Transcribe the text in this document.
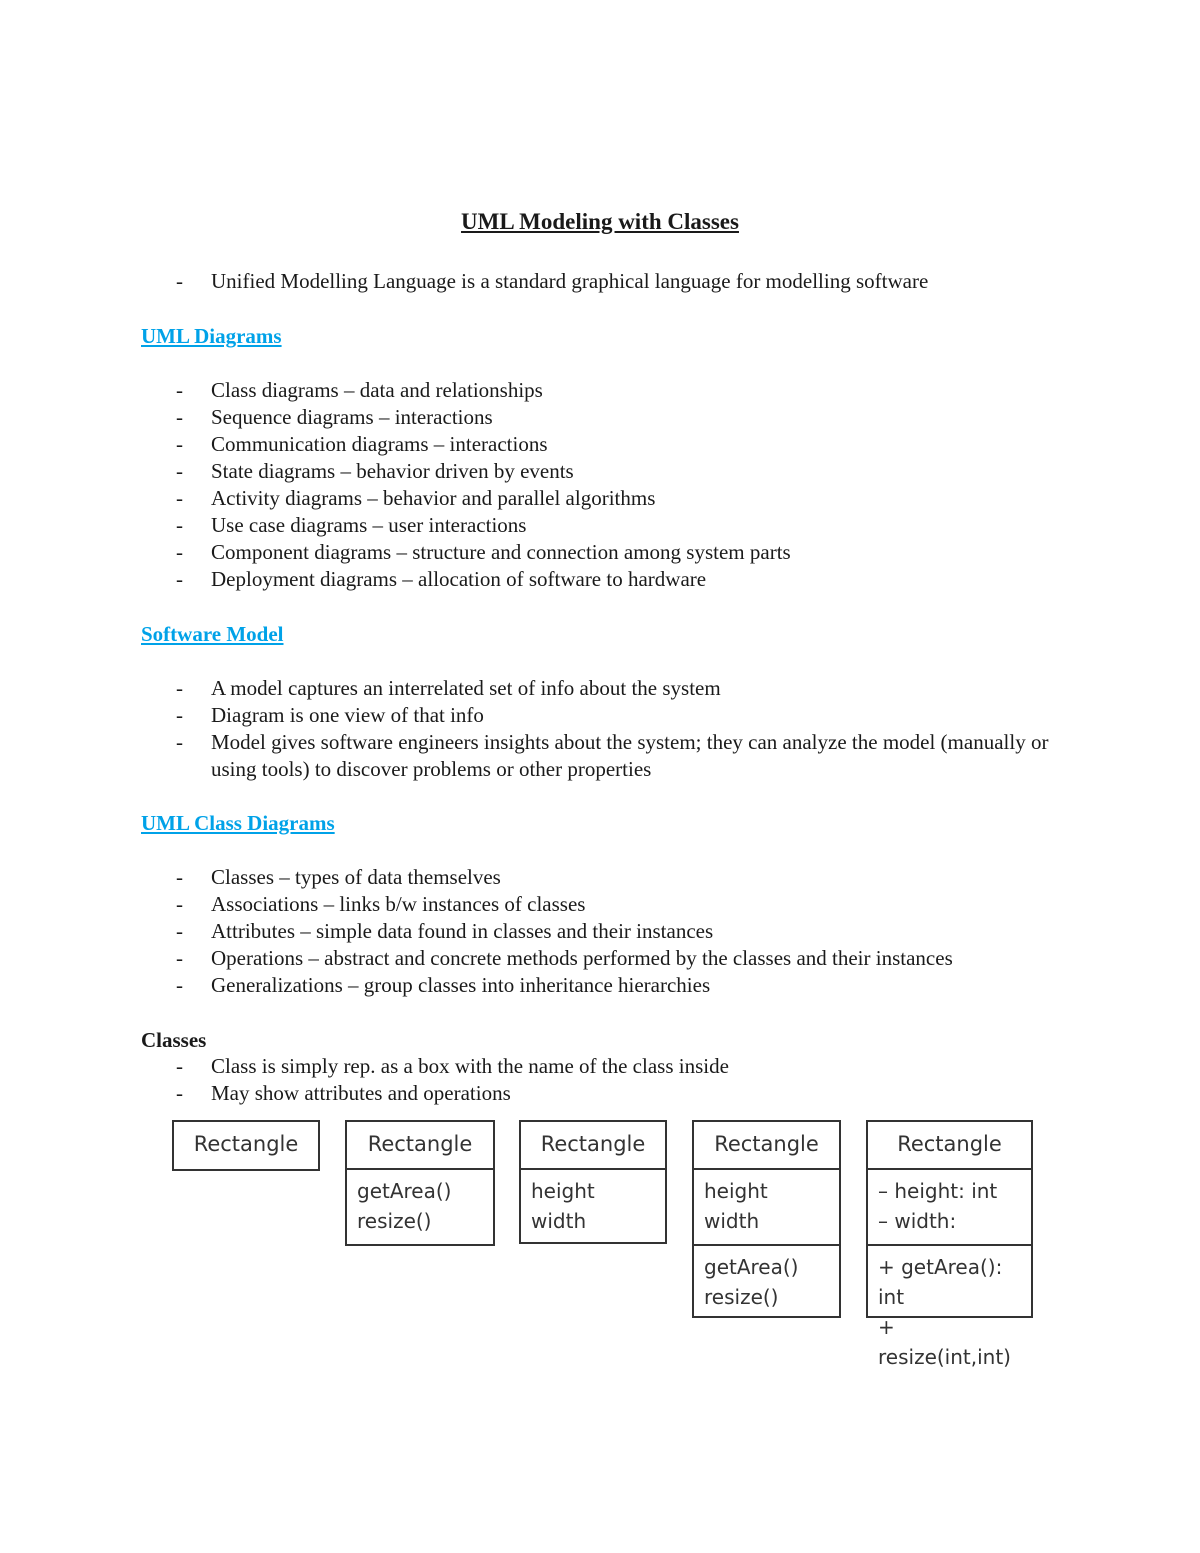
UML Modeling with Classes
- Unified Modelling Language is a standard graphical language for modelling software
UML Diagrams
- Class diagrams – data and relationships
- Sequence diagrams – interactions
- Communication diagrams – interactions
- State diagrams – behavior driven by events
- Activity diagrams – behavior and parallel algorithms
- Use case diagrams – user interactions
- Component diagrams – structure and connection among system parts
- Deployment diagrams – allocation of software to hardware
Software Model
- A model captures an interrelated set of info about the system
- Diagram is one view of that info
- Model gives software engineers insights about the system; they can analyze the model (manually or using tools) to discover problems or other properties
UML Class Diagrams
- Classes – types of data themselves
- Associations – links b/w instances of classes
- Attributes – simple data found in classes and their instances
- Operations – abstract and concrete methods performed by the classes and their instances
- Generalizations – group classes into inheritance hierarchies
Classes
- Class is simply rep. as a box with the name of the class inside
- May show attributes and operations
Rectangle	Rectangle
getArea()
resize()
Rectangle
height
width
Rectangle
height
width
getArea()
resize()
Rectangle
– height: int
– width:
+ getArea(): int
+ resize(int,int)
